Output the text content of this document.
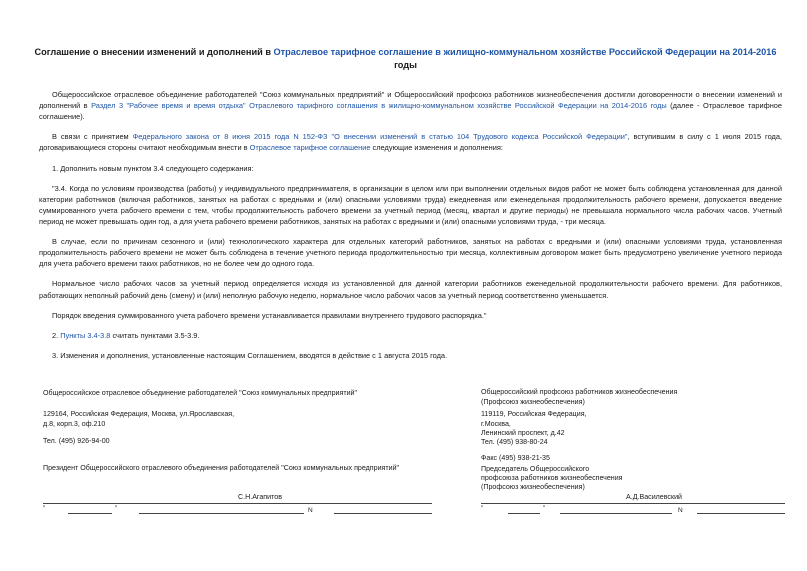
Соглашение о внесении изменений и дополнений в Отраслевое тарифное соглашение в жилищно-коммунальном хозяйстве Российской Федерации на 2014-2016
годы

Общероссийское отраслевое объединение работодателей "Союз коммунальных предприятий" и Общероссийский профсоюз работников жизнеобеспечения достигли договоренности о внесении изменений и дополнений в Раздел 3 "Рабочее время и время отдыха" Отраслевого тарифного соглашения в жилищно-коммунальном хозяйстве Российской Федерации на 2014-2016 годы (далее - Отраслевое тарифное соглашение).

В связи с принятием Федерального закона от 8 июня 2015 года N 152-ФЗ "О внесении изменений в статью 104 Трудового кодекса Российской Федерации", вступившим в силу с 1 июля 2015 года, договаривающиеся стороны считают необходимым внести в Отраслевое тарифное соглашение следующие изменения и дополнения:

1. Дополнить новым пунктом 3.4 следующего содержания:

"3.4. Когда по условиям производства (работы) у индивидуального предпринимателя, в организации в целом или при выполнении отдельных видов работ не может быть соблюдена установленная для данной категории работников (включая работников, занятых на работах с вредными и (или) опасными условиями труда) ежедневная или еженедельная продолжительность рабочего времени, допускается введение суммированного учета рабочего времени с тем, чтобы продолжительность рабочего времени за учетный период (месяц, квартал и другие периоды) не превышала нормального числа рабочих часов. Учетный период не может превышать один год, а для учета рабочего времени работников, занятых на работах с вредными и (или) опасными условиями труда, - три месяца.

В случае, если по причинам сезонного и (или) технологического характера для отдельных категорий работников, занятых на работах с вредными и (или) опасными условиями труда, установленная продолжительность рабочего времени не может быть соблюдена в течение учетного периода продолжительностью три месяца, коллективным договором может быть предусмотрено увеличение учетного периода для учета рабочего времени таких работников, но не более чем до одного года.

Нормальное число рабочих часов за учетный период определяется исходя из установленной для данной категории работников еженедельной продолжительности рабочего времени. Для работников, работающих неполный рабочий день (смену) и (или) неполную рабочую неделю, нормальное число рабочих часов за учетный период соответственно уменьшается.

Порядок введения суммированного учета рабочего времени устанавливается правилами внутреннего трудового распорядка."

2. Пункты 3.4-3.8 считать пунктами 3.5-3.9.

3. Изменения и дополнения, установленные настоящим Соглашением, вводятся в действие с 1 августа 2015 года.

Общероссийское отраслевое объединение работодателей "Союз коммунальных предприятий"
129164, Российская Федерация, Москва, ул.Ярославская,
д.8, корп.3, оф.210
Тел. (495) 926-94-00
Президент Общероссийского отраслевого объединения работодателей "Союз коммунальных предприятий"
С.Н.Агапитов
"	"	N
Общероссийский профсоюз работников жизнеобеспечения
(Профсоюз жизнеобеспечения)
119119, Российская Федерация,
г.Москва,
Ленинский проспект, д.42
Тел. (495) 938-80-24
Факс (495) 938-21-35
Председатель Общероссийского
профсоюза работников жизнеобеспечения
(Профсоюз жизнеобеспечения)
А.Д.Василевский
"	"	N
